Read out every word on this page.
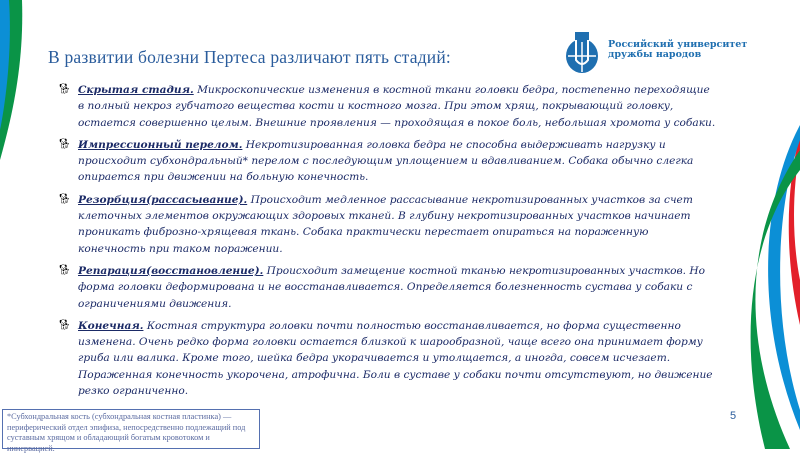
В развитии болезни Пертеса различают пять стадий:
Российский университет
дружбы народов
🐕︎ Скрытая стадия. Микроскопические изменения в костной ткани головки бедра, постепенно переходящие в полный некроз губчатого вещества кости и костного мозга. При этом хрящ, покрывающий головку, остается совершенно целым. Внешние проявления — проходящая в покое боль, небольшая хромота у собаки.
🐕︎ Импрессионный перелом. Некротизированная головка бедра не способна выдерживать нагрузку и происходит субхондральный* перелом с последующим уплощением и вдавливанием. Собака обычно слегка опирается при движении на больную конечность.
🐕︎ Резорбция(рассасывание). Происходит медленное рассасывание некротизированных участков за счет клеточных элементов окружающих здоровых тканей. В глубину некротизированных участков начинает проникать фиброзно-хрящевая ткань. Собака практически перестает опираться на пораженную конечность при таком поражении.
🐕︎ Репарация(восстановление). Происходит замещение костной тканью некротизированных участков. Но форма головки деформирована и не восстанавливается. Определяется болезненность сустава у собаки с ограничениями движения.
🐕︎ Конечная. Костная структура головки почти полностью восстанавливается, но форма существенно изменена. Очень редко форма головки остается близкой к шарообразной, чаще всего она принимает форму гриба или валика. Кроме того, шейка бедра укорачивается и утолщается, а иногда, совсем исчезает. Пораженная конечность укорочена, атрофична. Боли в суставе у собаки почти отсутствуют, но движение резко ограниченно.
*Субхондральная кость (субхондральная костная пластинка) — периферический отдел эпифиза, непосредственно подлежащий под суставным хрящом и обладающий богатым кровотоком и иннервацией.
5
